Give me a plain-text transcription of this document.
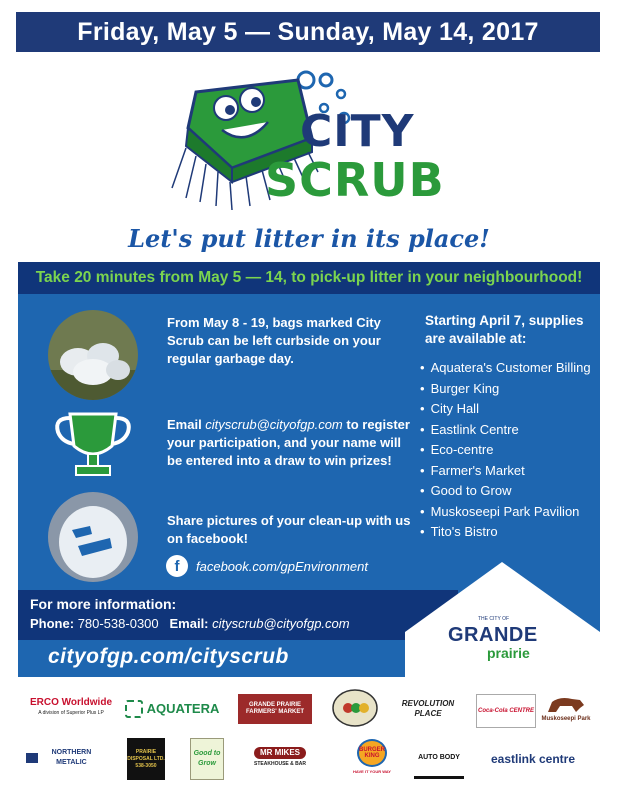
Friday, May 5 — Sunday, May 14, 2017
CITY
SCRUB
Let's put litter in its place!
Take 20 minutes from May 5 — 14, to pick-up litter in your neighbourhood!
From May 8 - 19, bags marked City Scrub can be left curbside on your regular garbage day.
Email cityscrub@cityofgp.com to register your participation, and your name will be entered into a draw to win prizes!
Share pictures of your clean-up with us on facebook!
f facebook.com/gpEnvironment
Starting April 7, supplies are available at:
• Aquatera's Customer Billing
• Burger King
• City Hall
• Eastlink Centre
• Eco-centre
• Farmer's Market
• Good to Grow
• Muskoseepi Park Pavilion
• Tito's Bistro
For more information:
Phone: 780-538-0300 Email: cityscrub@cityofgp.com
cityofgp.com/cityscrub
THE CITY OF
GRANDE
prairie
ERCO Worldwide
A division of Superior Plus LP	AQUATERA	GRANDE PRAIRIE FARMERS' MARKET
REVOLUTION PLACE	Coca-Cola CENTRE
Muskoseepi Park
NORTHERN METALIC
PRAIRIE DISPOSAL LTD. 538-3050
Good to Grow
MR MIKES
STEAKHOUSE & BAR
BURGER KING
HAVE IT YOUR WAY
AUTO BODY	eastlink centre
